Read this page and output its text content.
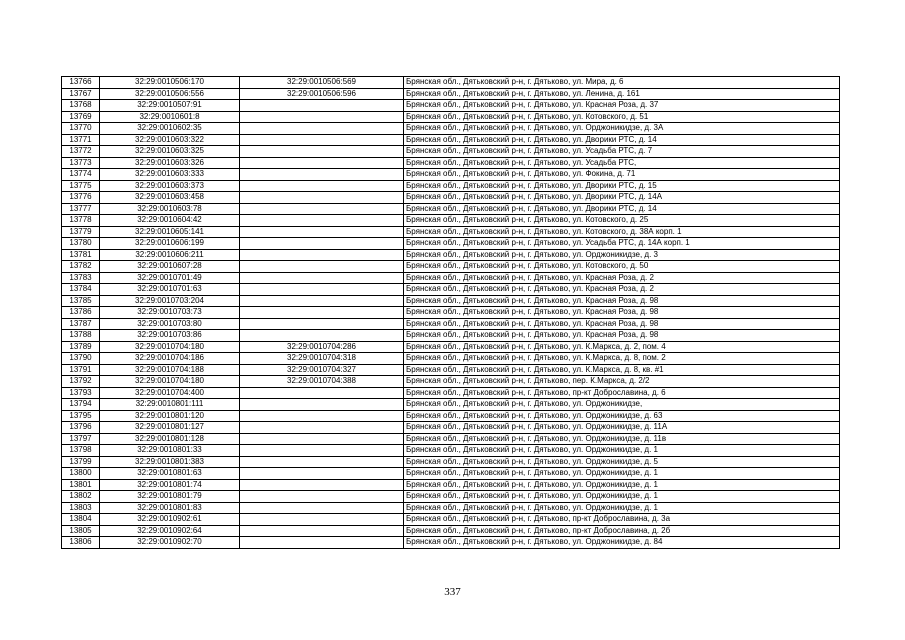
13766	32:29:0010506:170	32:29:0010506:569	Брянская обл., Дятьковский р-н, г. Дятьково, ул. Мира, д. 6
13767	32:29:0010506:556	32:29:0010506:596	Брянская обл., Дятьковский р-н, г. Дятьково, ул. Ленина, д. 161
13768	32:29:0010507:91		Брянская обл., Дятьковский р-н, г. Дятьково, ул. Красная Роза, д. 37
13769	32:29:0010601:8		Брянская обл., Дятьковский р-н, г. Дятьково, ул. Котовского, д. 51
13770	32:29:0010602:35		Брянская обл., Дятьковский р-н, г. Дятьково, ул. Орджоникидзе, д. 3А
13771	32:29:0010603:322		Брянская обл., Дятьковский р-н, г. Дятьково, ул. Дворики РТС, д. 14
13772	32:29:0010603:325		Брянская обл., Дятьковский р-н, г. Дятьково, ул. Усадьба РТС, д. 7
13773	32:29:0010603:326		Брянская обл., Дятьковский р-н, г. Дятьково, ул. Усадьба РТС,
13774	32:29:0010603:333		Брянская обл., Дятьковский р-н, г. Дятьково, ул. Фокина, д. 71
13775	32:29:0010603:373		Брянская обл., Дятьковский р-н, г. Дятьково, ул. Дворики РТС, д. 15
13776	32:29:0010603:458		Брянская обл., Дятьковский р-н, г. Дятьково, ул. Дворики РТС, д. 14А
13777	32:29:0010603:78		Брянская обл., Дятьковский р-н, г. Дятьково, ул. Дворики РТС, д. 14
13778	32:29:0010604:42		Брянская обл., Дятьковский р-н, г. Дятьково, ул. Котовского, д. 25
13779	32:29:0010605:141		Брянская обл., Дятьковский р-н, г. Дятьково, ул. Котовского, д. 38А корп. 1
13780	32:29:0010606:199		Брянская обл., Дятьковский р-н, г. Дятьково, ул. Усадьба РТС, д. 14А корп. 1
13781	32:29:0010606:211		Брянская обл., Дятьковский р-н, г. Дятьково, ул. Орджоникидзе, д. 3
13782	32:29:0010607:28		Брянская обл., Дятьковский р-н, г. Дятьково, ул. Котовского, д. 50
13783	32:29:0010701:49		Брянская обл., Дятьковский р-н, г. Дятьково, ул. Красная Роза, д. 2
13784	32:29:0010701:63		Брянская обл., Дятьковский р-н, г. Дятьково, ул. Красная Роза, д. 2
13785	32:29:0010703:204		Брянская обл., Дятьковский р-н, г. Дятьково, ул. Красная Роза, д. 98
13786	32:29:0010703:73		Брянская обл., Дятьковский р-н, г. Дятьково, ул. Красная Роза, д. 98
13787	32:29:0010703:80		Брянская обл., Дятьковский р-н, г. Дятьково, ул. Красная Роза, д. 98
13788	32:29:0010703:86		Брянская обл., Дятьковский р-н, г. Дятьково, ул. Красная Роза, д. 98
13789	32:29:0010704:180	32:29:0010704:286	Брянская обл., Дятьковский р-н, г. Дятьково, ул. К.Маркса, д. 2, пом. 4
13790	32:29:0010704:186	32:29:0010704:318	Брянская обл., Дятьковский р-н, г. Дятьково, ул. К.Маркса, д. 8, пом. 2
13791	32:29:0010704:188	32:29:0010704:327	Брянская обл., Дятьковский р-н, г. Дятьково, ул. К.Маркса, д. 8, кв. #1
13792	32:29:0010704:180	32:29:0010704:388	Брянская обл., Дятьковский р-н, г. Дятьково, пер. К.Маркса, д. 2/2
13793	32:29:0010704:400		Брянская обл., Дятьковский р-н, г. Дятьково, пр-кт Доброславина, д. 6
13794	32:29:0010801:111		Брянская обл., Дятьковский р-н, г. Дятьково, ул. Орджоникидзе,
13795	32:29:0010801:120		Брянская обл., Дятьковский р-н, г. Дятьково, ул. Орджоникидзе, д. 63
13796	32:29:0010801:127		Брянская обл., Дятьковский р-н, г. Дятьково, ул. Орджоникидзе, д. 11А
13797	32:29:0010801:128		Брянская обл., Дятьковский р-н, г. Дятьково, ул. Орджоникидзе, д. 11в
13798	32:29:0010801:33		Брянская обл., Дятьковский р-н, г. Дятьково, ул. Орджоникидзе, д. 1
13799	32:29:0010801:383		Брянская обл., Дятьковский р-н, г. Дятьково, ул. Орджоникидзе, д. 5
13800	32:29:0010801:63		Брянская обл., Дятьковский р-н, г. Дятьково, ул. Орджоникидзе, д. 1
13801	32:29:0010801:74		Брянская обл., Дятьковский р-н, г. Дятьково, ул. Орджоникидзе, д. 1
13802	32:29:0010801:79		Брянская обл., Дятьковский р-н, г. Дятьково, ул. Орджоникидзе, д. 1
13803	32:29:0010801:83		Брянская обл., Дятьковский р-н, г. Дятьково, ул. Орджоникидзе, д. 1
13804	32:29:0010902:61		Брянская обл., Дятьковский р-н, г. Дятьково, пр-кт Доброславина, д. 3а
13805	32:29:0010902:64		Брянская обл., Дятьковский р-н, г. Дятьково, пр-кт Доброславина, д. 2б
13806	32:29:0010902:70		Брянская обл., Дятьковский р-н, г. Дятьково, ул. Орджоникидзе, д. 84
337
